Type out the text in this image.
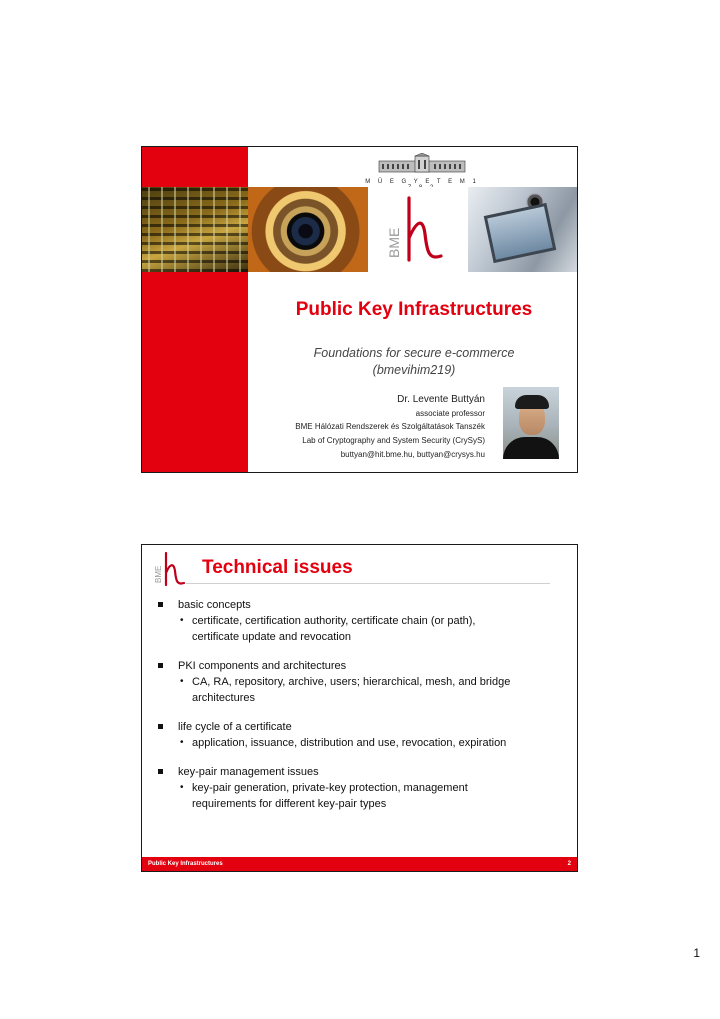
M Ű E G Y E T E M 1
BME
Public Key Infrastructures
Foundations for secure e-commerce
(bmevihim219)
Dr. Levente Buttyán
associate professor
BME Hálózati Rendszerek és Szolgáltatások Tanszék
Lab of Cryptography and System Security (CrySyS)
buttyan@hit.bme.hu, buttyan@crysys.hu
BME Technical issues
basic concepts
• certificate, certification authority, certificate chain (or path),
certificate update and revocation
PKI components and architectures
• CA, RA, repository, archive, users; hierarchical, mesh, and bridge
architectures
life cycle of a certificate
• application, issuance, distribution and use, revocation, expiration
key-pair management issues
• key-pair generation, private-key protection, management
requirements for different key-pair types
Public Key Infrastructures	2
1
